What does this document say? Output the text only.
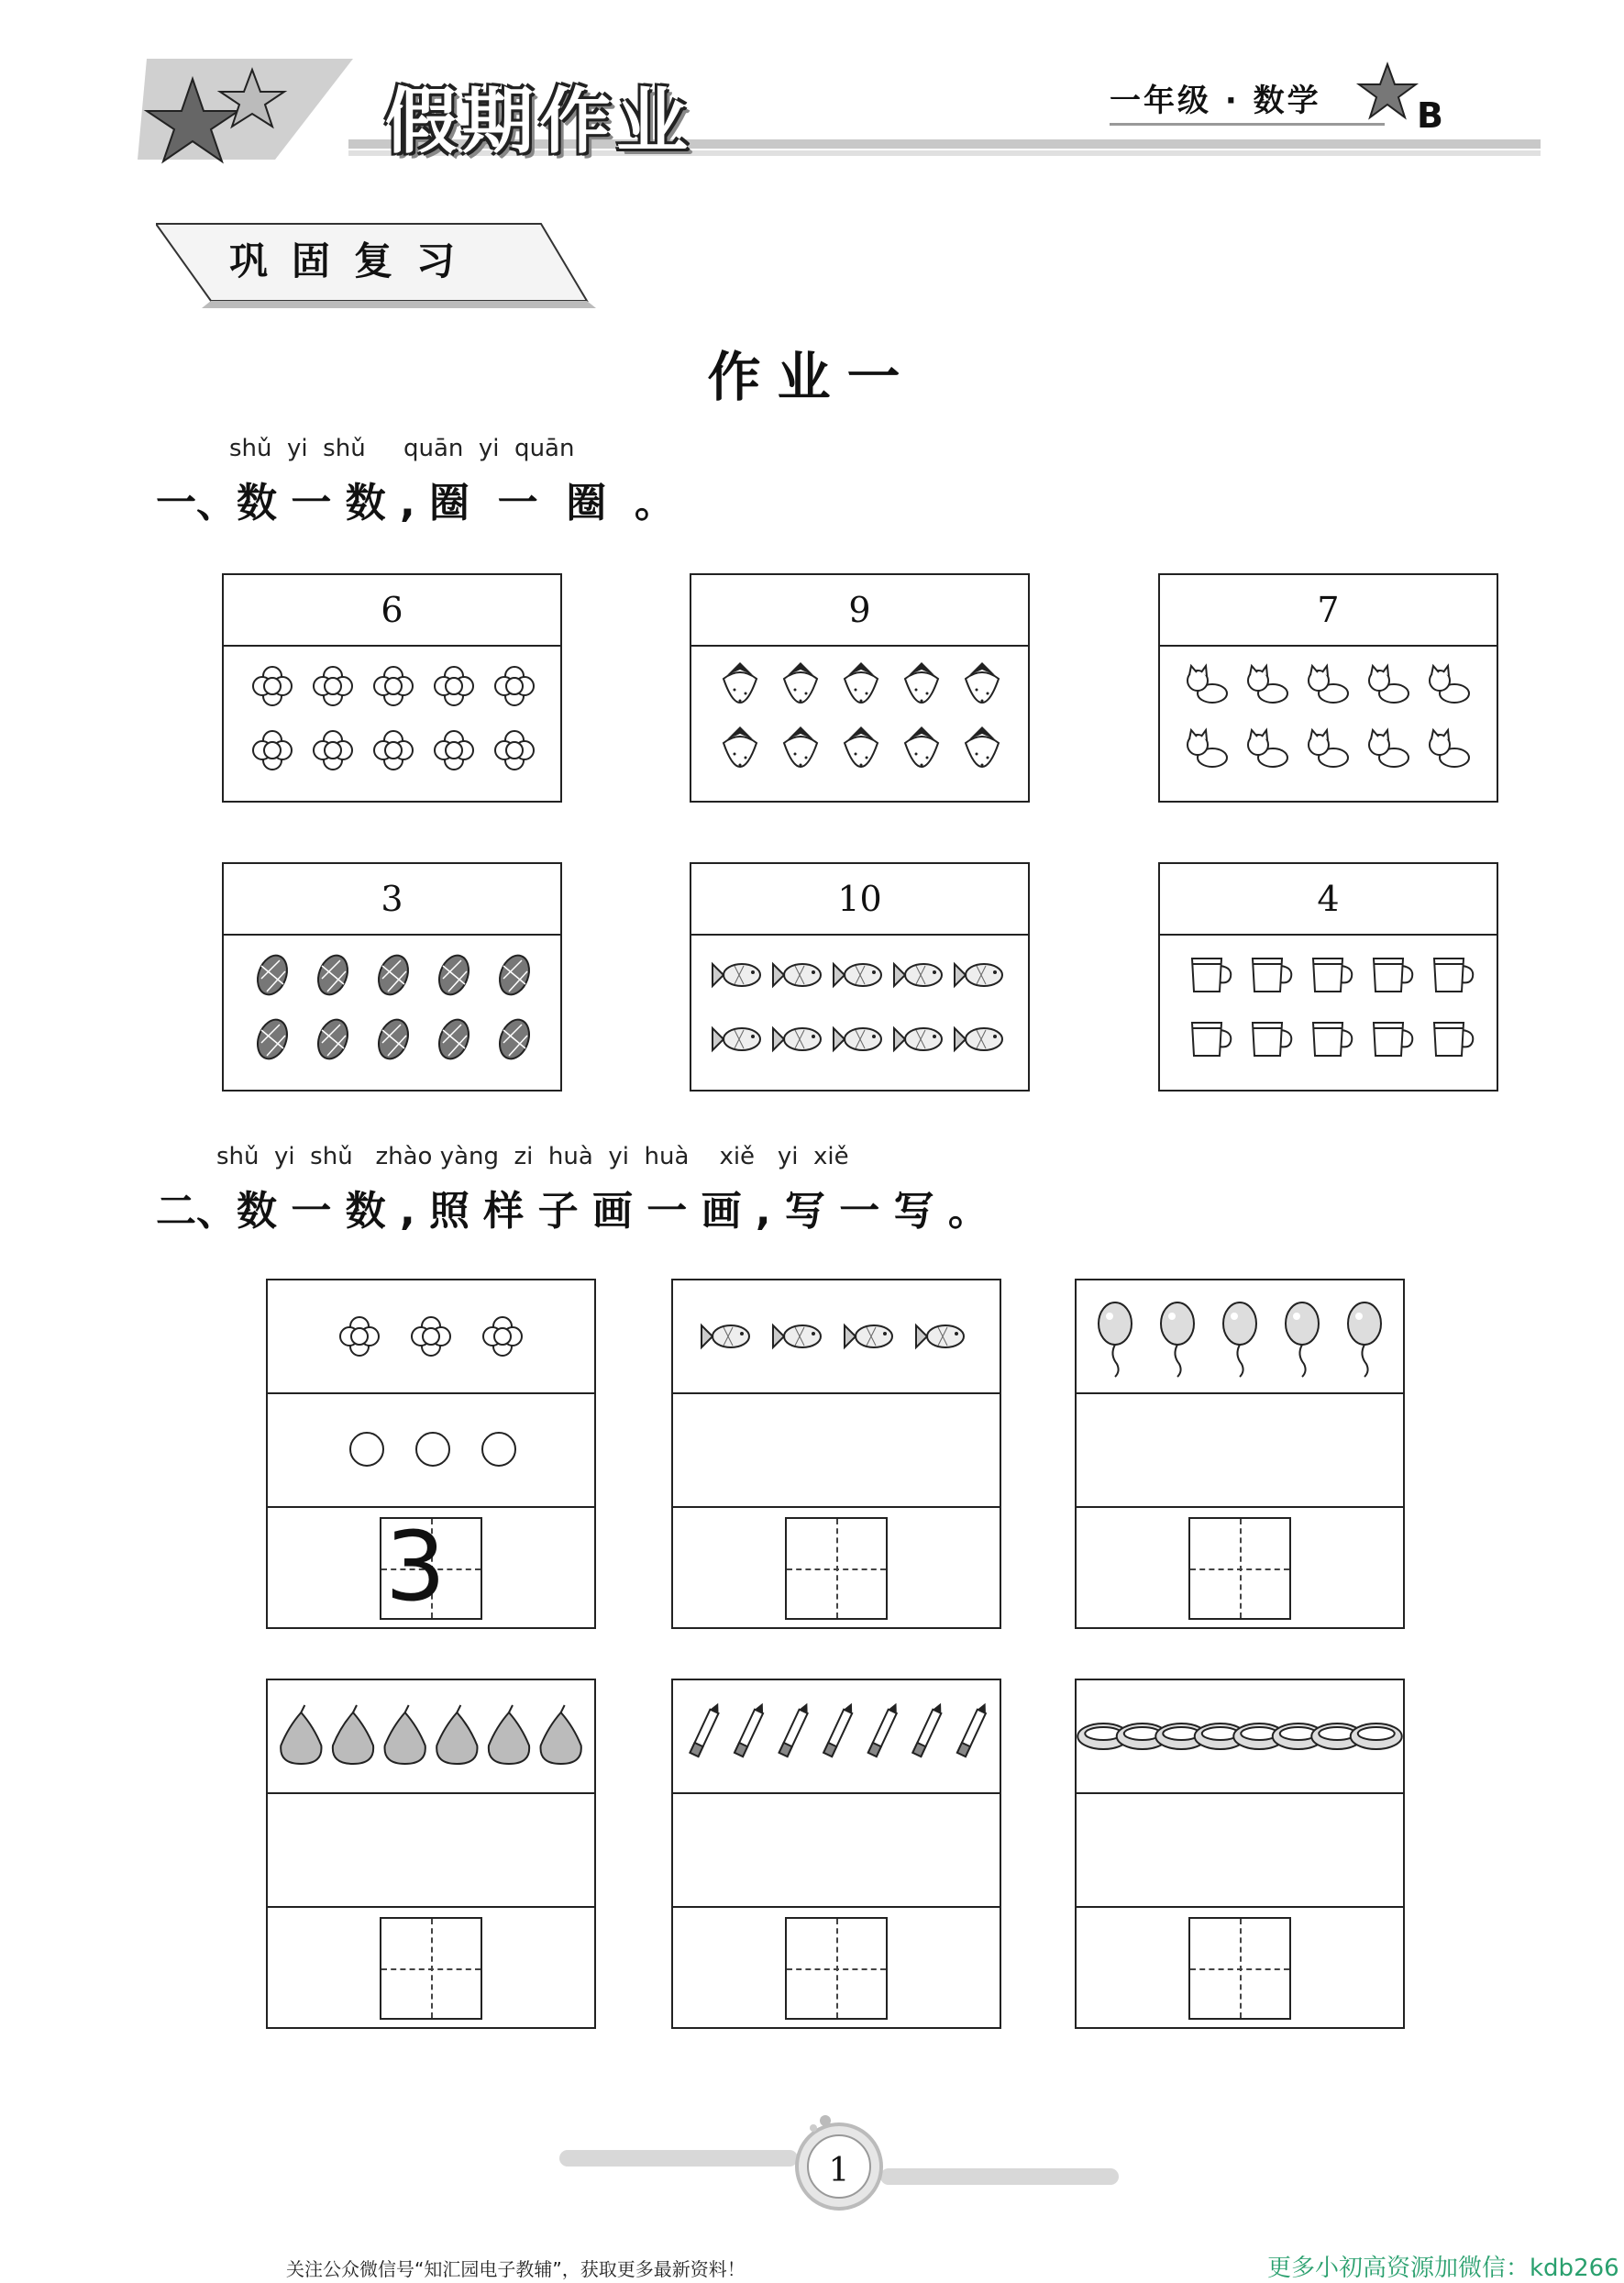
假期作业	一年级 · 数学	B
巩固复习
作业一
shǔ  yi  shǔ     quān  yi  quān
一、数 一 数 , 圈  一  圈  。
6	9	7
3	10	4
shǔ  yi  shǔ   zhào yàng  zi  huà  yi  huà    xiě   yi  xiě
二、数 一 数 , 照 样 子 画 一 画 , 写 一 写 。
3
1
关注公众微信号“知汇园电子教辅”，获取更多最新资料！	更多小初高资源加微信：kdb266
